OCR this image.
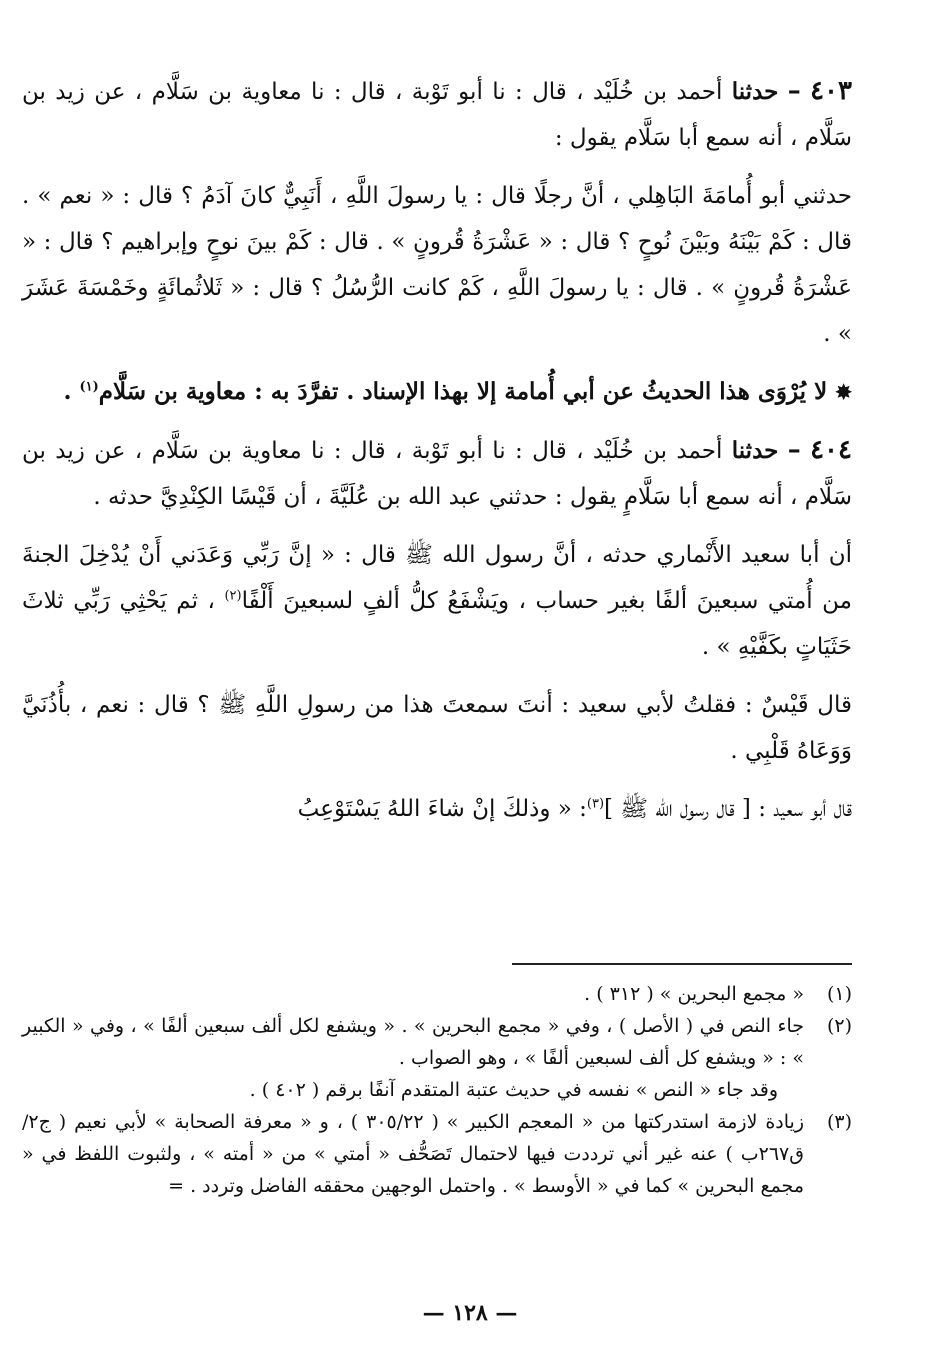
٤٠٣ – حدثنا أحمد بن خُلَيْد ، قال : نا أبو تَوْبة ، قال : نا معاوية بن سَلَّام ، عن زيد بن سَلَّام ، أنه سمع أبا سَلَّام يقول :

حدثني أبو أُمامَةَ البَاهِلي ، أنَّ رجلًا قال : يا رسولَ اللَّهِ ، أَنَبِيٌّ كانَ آدَمُ ؟ قال : « نعم » . قال : كَمْ بَيْنَهُ وبَيْنَ نُوحٍ ؟ قال : « عَشْرَةُ قُرونٍ » . قال : كَمْ بينَ نوحٍ وإبراهيم ؟ قال : « عَشْرَةُ قُرونٍ » . قال : يا رسولَ اللَّهِ ، كَمْ كانت الرُّسُلُ ؟ قال : « ثَلاثُمائَةٍ وخَمْسَةَ عَشَرَ » .

✸ لا يُرْوَى هذا الحديثُ عن أبي أُمامة إلا بهذا الإسناد . تفرَّدَ به : معاوية بن سَلَّام$^{(١)}$ .

٤٠٤ – حدثنا أحمد بن خُلَيْد ، قال : نا أبو تَوْبة ، قال : نا معاوية بن سَلَّام ، عن زيد بن سَلَّام ، أنه سمع أبا سَلَّامٍ يقول : حدثني عبد الله بن عُلَيَّةَ ، أن قَيْسًا الكِنْدِيَّ حدثه .

أن أبا سعيد الأَنْماري حدثه ، أنَّ رسول الله ﷺ قال : « إنَّ رَبِّي وَعَدَني أَنْ يُدْخِلَ الجنةَ من أُمتي سبعينَ ألفًا بغير حساب ، ويَشْفَعُ كلُّ ألفٍ لسبعينَ أَلْفًا$^{(٢)}$ ، ثم يَحْثِي رَبِّي ثلاثَ حَثَيَاتٍ بكَفَّيْهِ » .

قال قَيْسٌ : فقلتُ لأبي سعيد : أنتَ سمعتَ هذا من رسولِ اللَّهِ ﷺ ؟ قال : نعم ، بأُذُنَيَّ وَوَعَاهُ قَلْبِي .

قال أبو سعيد : [ قال رسول الله ﷺ ]$^{(٣)}$: « وذلكَ إنْ شاءَ اللهُ يَسْتَوْعِبُ

(١)
« مجمع البحرين » ( ٣١٢ ) .
(٢)
جاء النص في ( الأصل ) ، وفي « مجمع البحرين » . « ويشفع لكل ألف سبعين ألفًا » ، وفي « الكبير » : « ويشفع كل ألف لسبعين ألفًا » ، وهو الصواب .
وقد جاء « النص » نفسه في حديث عتبة المتقدم آنفًا برقم ( ٤٠٢ ) .
(٣)
زيادة لازمة استدركتها من « المعجم الكبير » ( ٣٠٥/٢٢ ) ، و « معرفة الصحابة » لأبي نعيم ( ج٢/ق٢٦٧ب ) عنه غير أني ترددت فيها لاحتمال تَصَحُّف « أمتي » من « أمته » ، ولثبوت اللفظ في « مجمع البحرين » كما في « الأوسط » . واحتمل الوجهين محققه الفاضل وتردد . =
— ١٢٨ —
